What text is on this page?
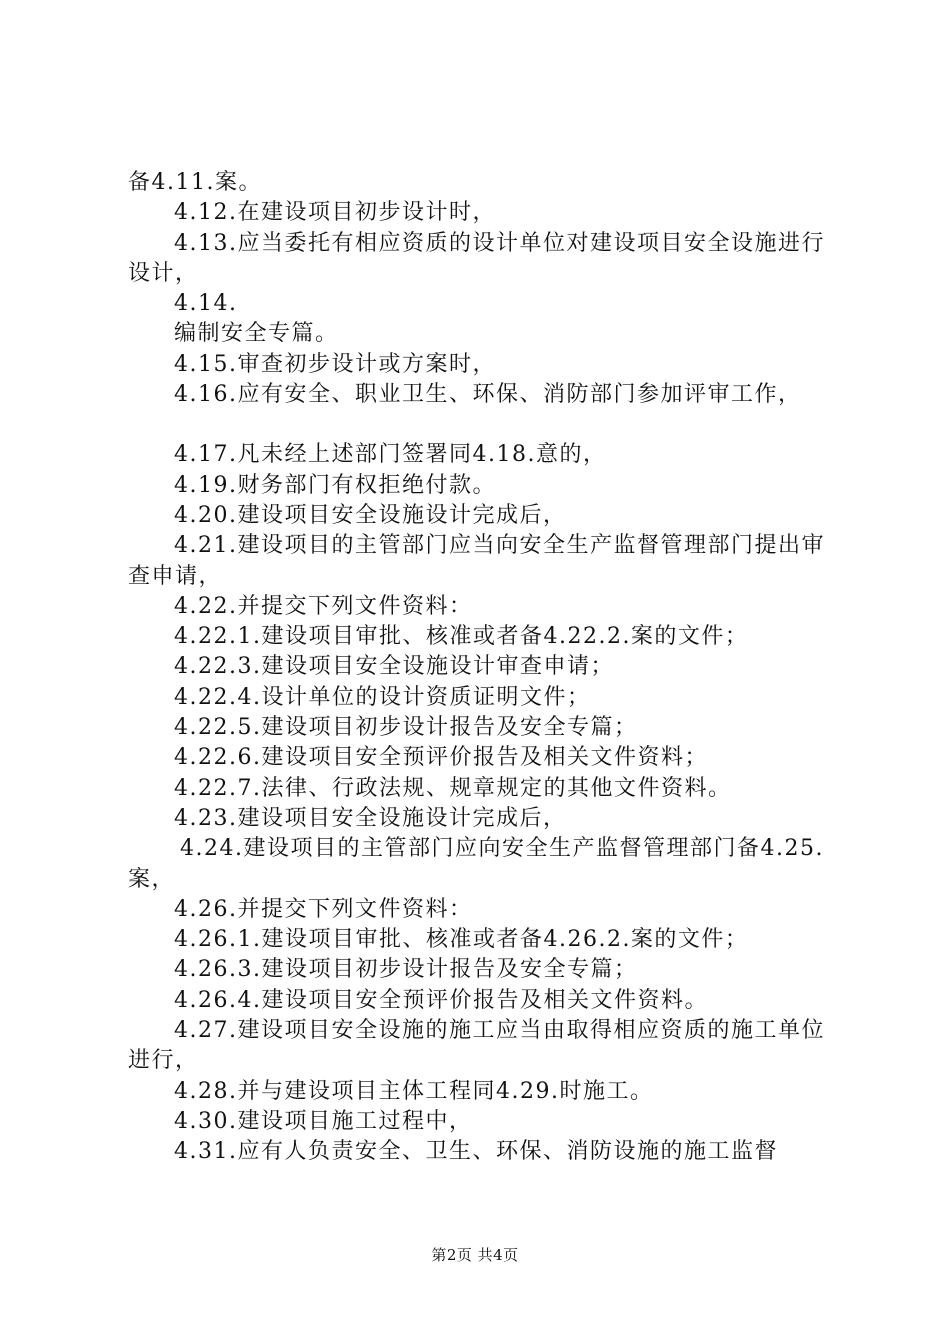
备4.11.案。

4.12.在建设项目初步设计时，

4.13.应当委托有相应资质的设计单位对建设项目安全设施进行设计，

4.14.

编制安全专篇。

4.15.审查初步设计或方案时，

4.16.应有安全、职业卫生、环保、消防部门参加评审工作，

4.17.凡未经上述部门签署同4.18.意的，

4.19.财务部门有权拒绝付款。

4.20.建设项目安全设施设计完成后，

4.21.建设项目的主管部门应当向安全生产监督管理部门提出审查申请，

4.22.并提交下列文件资料：

4.22.1.建设项目审批、核准或者备4.22.2.案的文件；

4.22.3.建设项目安全设施设计审查申请；

4.22.4.设计单位的设计资质证明文件；

4.22.5.建设项目初步设计报告及安全专篇；

4.22.6.建设项目安全预评价报告及相关文件资料；

4.22.7.法律、行政法规、规章规定的其他文件资料。

4.23.建设项目安全设施设计完成后，

4.24.建设项目的主管部门应向安全生产监督管理部门备4.25.案，

4.26.并提交下列文件资料：

4.26.1.建设项目审批、核准或者备4.26.2.案的文件；

4.26.3.建设项目初步设计报告及安全专篇；

4.26.4.建设项目安全预评价报告及相关文件资料。

4.27.建设项目安全设施的施工应当由取得相应资质的施工单位进行，

4.28.并与建设项目主体工程同4.29.时施工。

4.30.建设项目施工过程中，

4.31.应有人负责安全、卫生、环保、消防设施的施工监督

第2页 共4页
